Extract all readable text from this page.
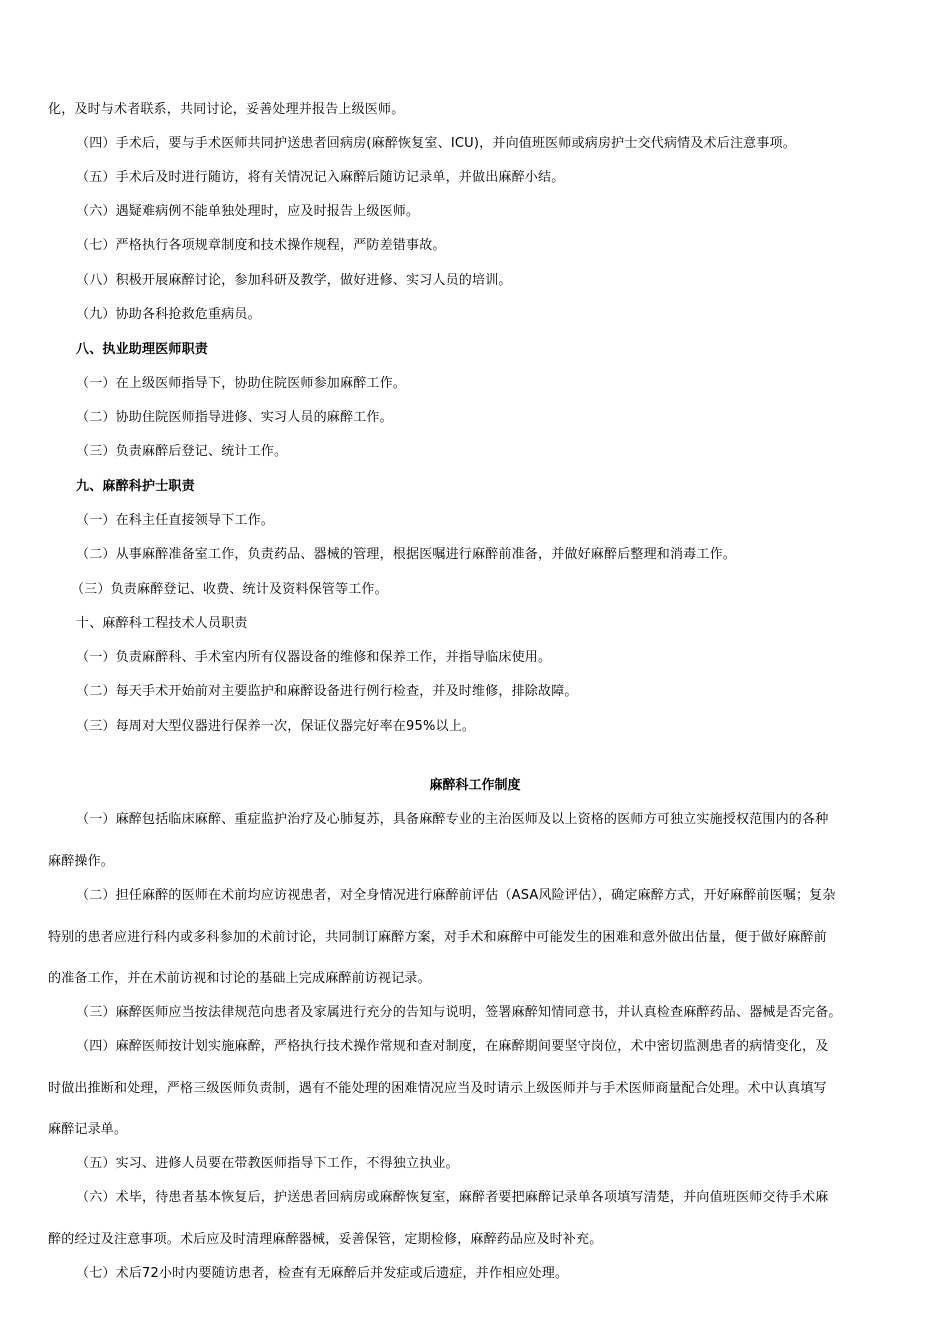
化，及时与术者联系，共同讨论，妥善处理并报告上级医师。
（四）手术后，要与手术医师共同护送患者回病房(麻醉恢复室、ICU)，并向值班医师或病房护士交代病情及术后注意事项。
（五）手术后及时进行随访，将有关情况记入麻醉后随访记录单，并做出麻醉小结。
（六）遇疑难病例不能单独处理时，应及时报告上级医师。
（七）严格执行各项规章制度和技术操作规程，严防差错事故。
（八）积极开展麻醉讨论，参加科研及教学，做好进修、实习人员的培训。
（九）协助各科抢救危重病员。
八、执业助理医师职责
（一）在上级医师指导下，协助住院医师参加麻醉工作。
（二）协助住院医师指导进修、实习人员的麻醉工作。
（三）负责麻醉后登记、统计工作。
九、麻醉科护士职责
（一）在科主任直接领导下工作。
（二）从事麻醉准备室工作，负责药品、器械的管理，根据医嘱进行麻醉前准备，并做好麻醉后整理和消毒工作。
（三）负责麻醉登记、收费、统计及资料保管等工作。
十、麻醉科工程技术人员职责
（一）负责麻醉科、手术室内所有仪器设备的维修和保养工作，并指导临床使用。
（二）每天手术开始前对主要监护和麻醉设备进行例行检查，并及时维修，排除故障。
（三）每周对大型仪器进行保养一次，保证仪器完好率在95%以上。
麻醉科工作制度
（一）麻醉包括临床麻醉、重症监护治疗及心肺复苏，具备麻醉专业的主治医师及以上资格的医师方可独立实施授权范围内的各种
麻醉操作。
（二）担任麻醉的医师在术前均应访视患者，对全身情况进行麻醉前评估（ASA风险评估），确定麻醉方式，开好麻醉前医嘱；复杂
特别的患者应进行科内或多科参加的术前讨论，共同制订麻醉方案，对手术和麻醉中可能发生的困难和意外做出估量，便于做好麻醉前
的准备工作，并在术前访视和讨论的基础上完成麻醉前访视记录。
（三）麻醉医师应当按法律规范向患者及家属进行充分的告知与说明，签署麻醉知情同意书，并认真检查麻醉药品、器械是否完备。
（四）麻醉医师按计划实施麻醉，严格执行技术操作常规和查对制度，在麻醉期间要坚守岗位，术中密切监测患者的病情变化，及
时做出推断和处理，严格三级医师负责制，遇有不能处理的困难情况应当及时请示上级医师并与手术医师商量配合处理。术中认真填写
麻醉记录单。
（五）实习、进修人员要在带教医师指导下工作，不得独立执业。
（六）术毕，待患者基本恢复后，护送患者回病房或麻醉恢复室，麻醉者要把麻醉记录单各项填写清楚，并向值班医师交待手术麻
醉的经过及注意事项。术后应及时清理麻醉器械，妥善保管，定期检修，麻醉药品应及时补充。
（七）术后72小时内要随访患者，检查有无麻醉后并发症或后遗症，并作相应处理。
